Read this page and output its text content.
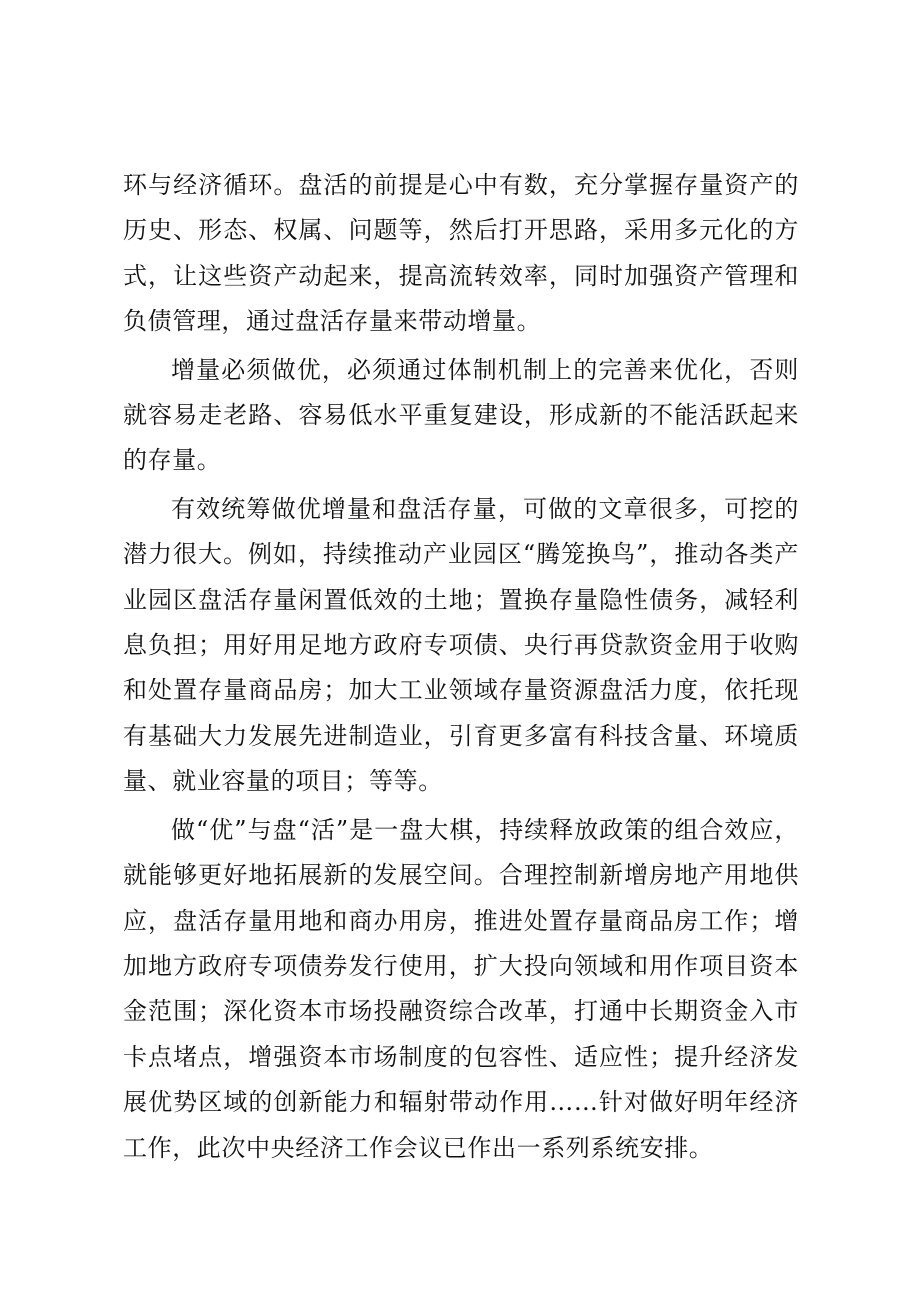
环与经济循环。盘活的前提是心中有数，充分掌握存量资产的历史、形态、权属、问题等，然后打开思路，采用多元化的方式，让这些资产动起来，提高流转效率，同时加强资产管理和负债管理，通过盘活存量来带动增量。

增量必须做优，必须通过体制机制上的完善来优化，否则就容易走老路、容易低水平重复建设，形成新的不能活跃起来的存量。

有效统筹做优增量和盘活存量，可做的文章很多，可挖的潜力很大。例如，持续推动产业园区“腾笼换鸟”，推动各类产业园区盘活存量闲置低效的土地；置换存量隐性债务，减轻利息负担；用好用足地方政府专项债、央行再贷款资金用于收购和处置存量商品房；加大工业领域存量资源盘活力度，依托现有基础大力发展先进制造业，引育更多富有科技含量、环境质量、就业容量的项目；等等。

做“优”与盘“活”是一盘大棋，持续释放政策的组合效应，就能够更好地拓展新的发展空间。合理控制新增房地产用地供应，盘活存量用地和商办用房，推进处置存量商品房工作；增加地方政府专项债券发行使用，扩大投向领域和用作项目资本金范围；深化资本市场投融资综合改革，打通中长期资金入市卡点堵点，增强资本市场制度的包容性、适应性；提升经济发展优势区域的创新能力和辐射带动作用……针对做好明年经济工作，此次中央经济工作会议已作出一系列系统安排。
